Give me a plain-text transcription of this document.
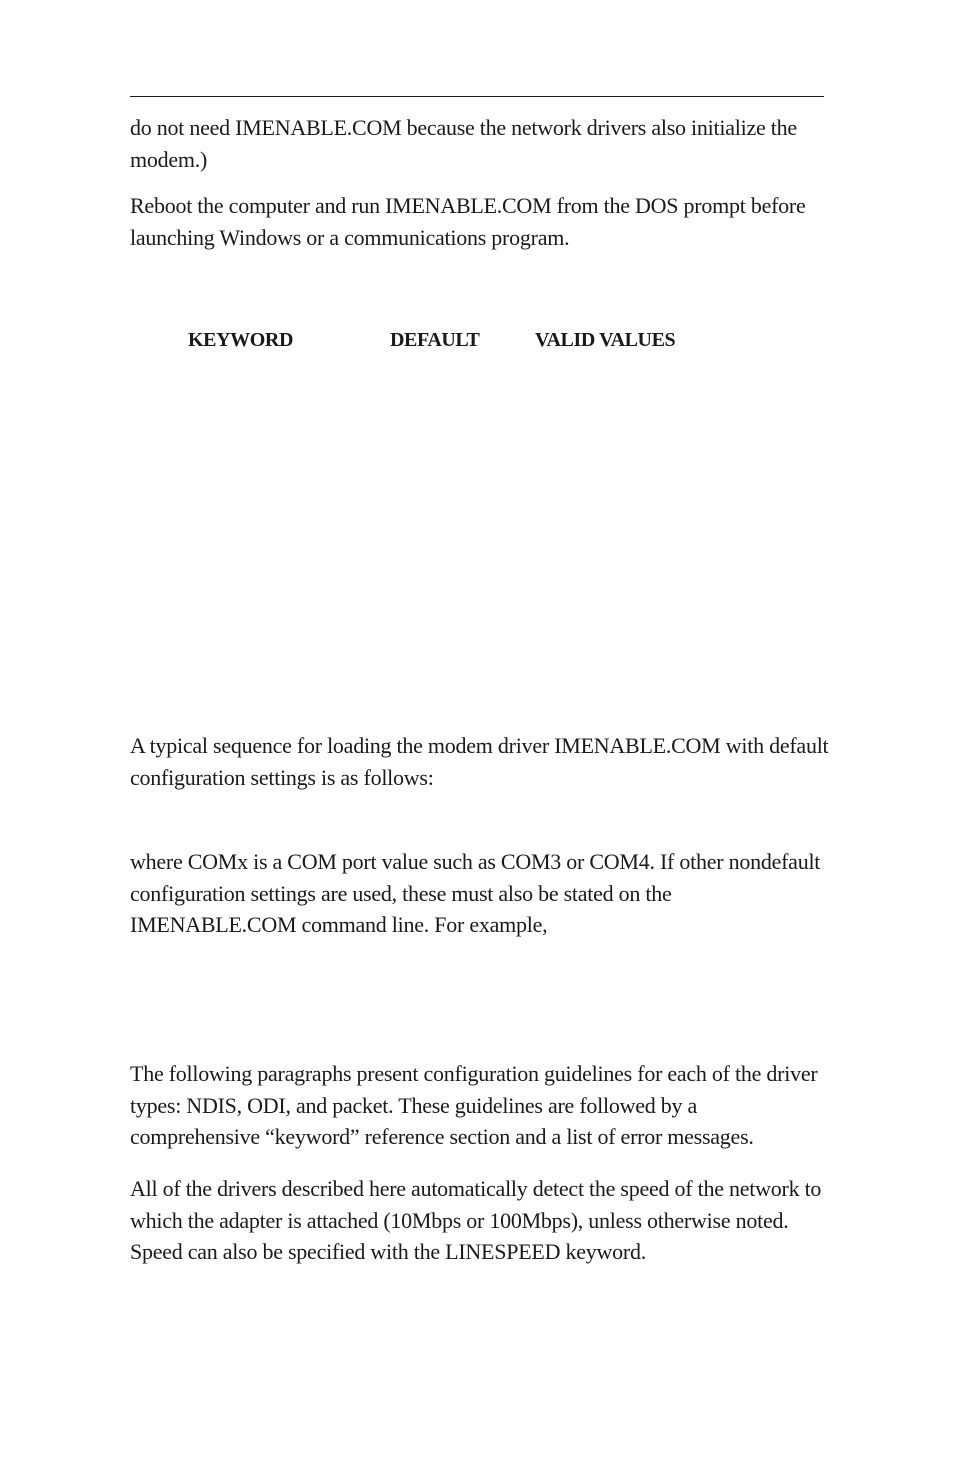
do not need IMENABLE.COM because the network drivers also initialize the modem.)

Reboot the computer and run IMENABLE.COM from the DOS prompt before launching Windows or a communications program.

KEYWORD	DEFAULT	VALID VALUES

A typical sequence for loading the modem driver IMENABLE.COM with default configuration settings is as follows:

where COMx is a COM port value such as COM3 or COM4. If other nondefault configuration settings are used, these must also be stated on the IMENABLE.COM command line. For example,

The following paragraphs present configuration guidelines for each of the driver types: NDIS, ODI, and packet. These guidelines are followed by a comprehensive “keyword” reference section and a list of error messages.

All of the drivers described here automatically detect the speed of the network to which the adapter is attached (10Mbps or 100Mbps), unless otherwise noted. Speed can also be specified with the LINESPEED keyword.
